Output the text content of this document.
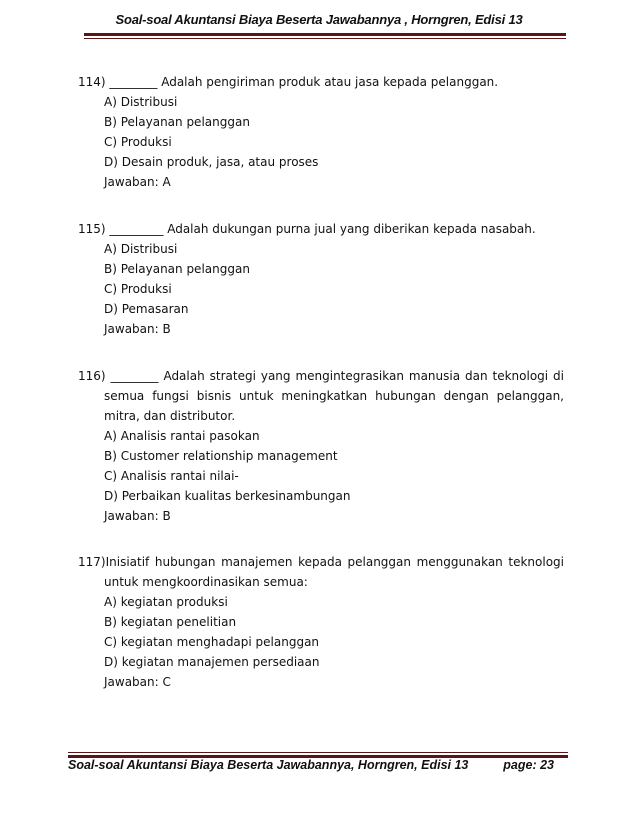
Soal-soal Akuntansi Biaya Beserta Jawabannya , Horngren, Edisi 13
114) ________ Adalah pengiriman produk atau jasa kepada pelanggan.
A) Distribusi
B) Pelayanan pelanggan
C) Produksi
D) Desain produk, jasa, atau proses
Jawaban: A
115) _________ Adalah dukungan purna jual yang diberikan kepada nasabah.
A) Distribusi
B) Pelayanan pelanggan
C) Produksi
D) Pemasaran
Jawaban: B
116) ________ Adalah strategi yang mengintegrasikan manusia dan teknologi di semua fungsi bisnis untuk meningkatkan hubungan dengan pelanggan, mitra, dan distributor.
A) Analisis rantai pasokan
B) Customer relationship management
C) Analisis rantai nilai-
D) Perbaikan kualitas berkesinambungan
Jawaban: B
117)Inisiatif hubungan manajemen kepada pelanggan menggunakan teknologi untuk mengkoordinasikan semua:
A) kegiatan produksi
B) kegiatan penelitian
C) kegiatan menghadapi pelanggan
D) kegiatan manajemen persediaan
Jawaban: C
Soal-soal Akuntansi Biaya Beserta Jawabannya, Horngren, Edisi 13	page: 23
